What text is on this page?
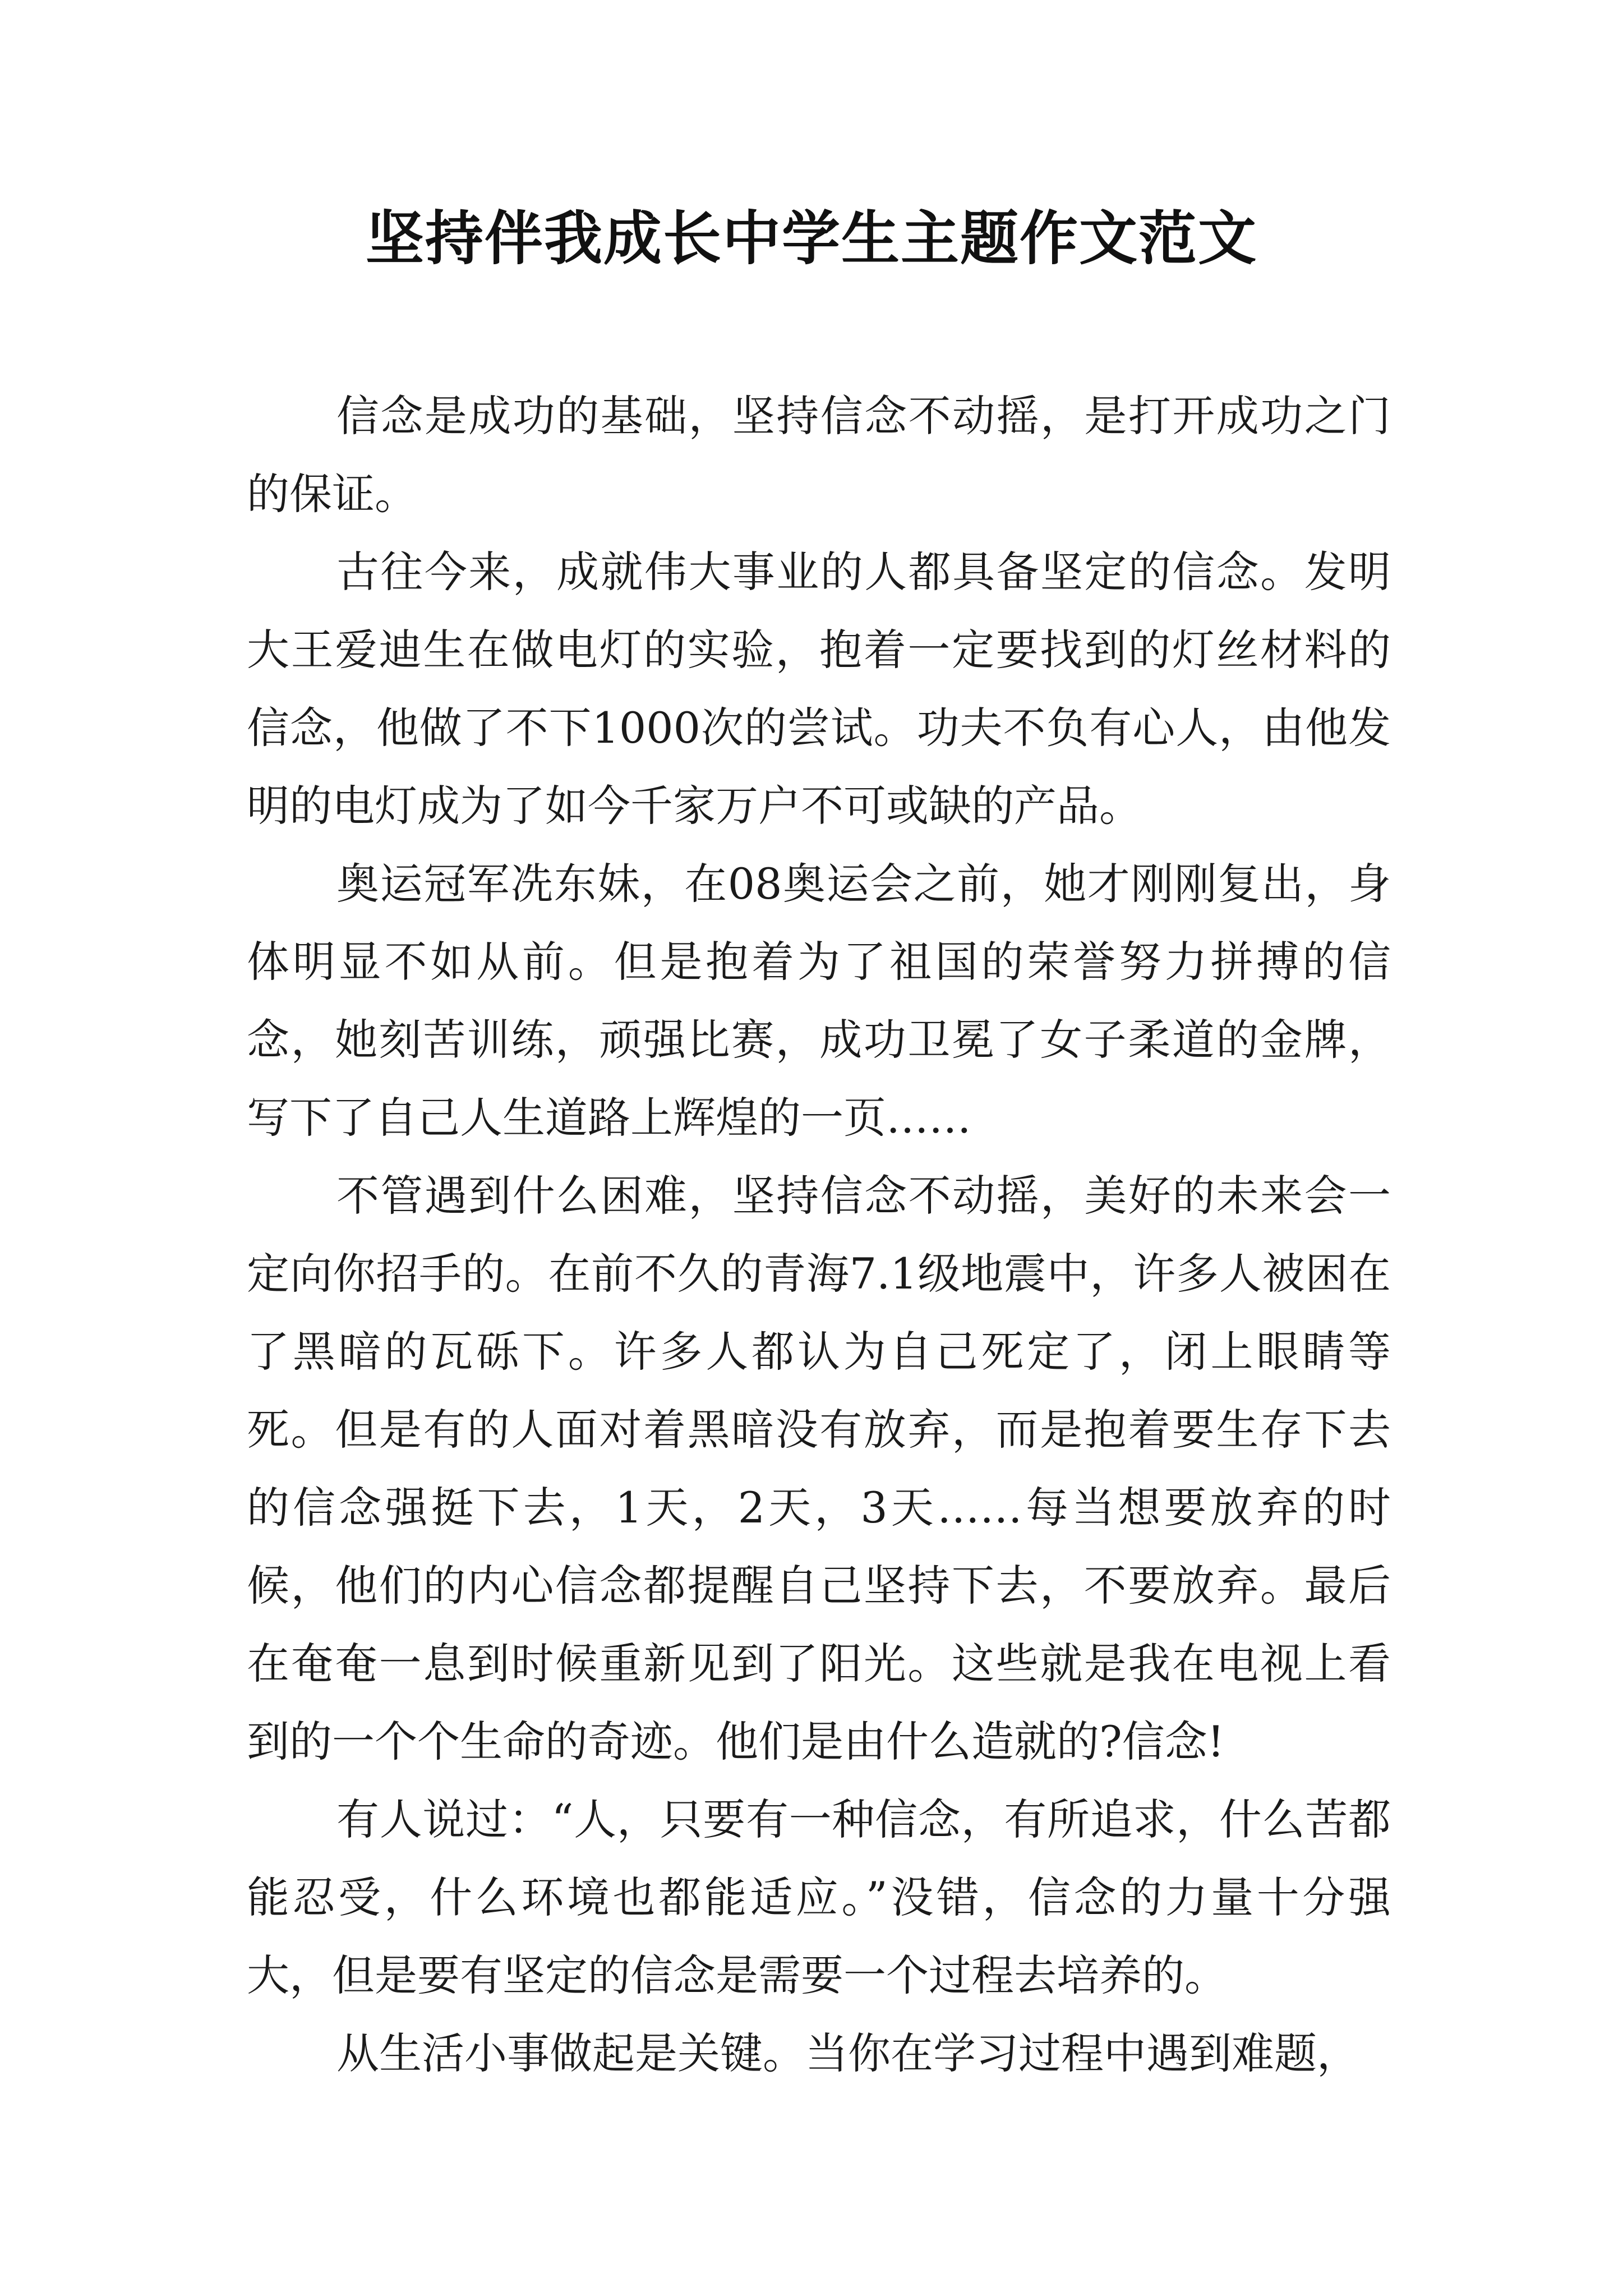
坚持伴我成长中学生主题作文范文

信念是成功的基础，坚持信念不动摇，是打开成功之门的保证。

古往今来，成就伟大事业的人都具备坚定的信念。发明大王爱迪生在做电灯的实验，抱着一定要找到的灯丝材料的信念，他做了不下1000次的尝试。功夫不负有心人，由他发明的电灯成为了如今千家万户不可或缺的产品。

奥运冠军冼东妹，在08奥运会之前，她才刚刚复出，身体明显不如从前。但是抱着为了祖国的荣誉努力拼搏的信念，她刻苦训练，顽强比赛，成功卫冕了女子柔道的金牌，写下了自己人生道路上辉煌的一页……

不管遇到什么困难，坚持信念不动摇，美好的未来会一定向你招手的。在前不久的青海7.1级地震中，许多人被困在了黑暗的瓦砾下。许多人都认为自己死定了，闭上眼睛等死。但是有的人面对着黑暗没有放弃，而是抱着要生存下去的信念强挺下去，1天，2天，3天……每当想要放弃的时候，他们的内心信念都提醒自己坚持下去，不要放弃。最后在奄奄一息到时候重新见到了阳光。这些就是我在电视上看到的一个个生命的奇迹。他们是由什么造就的?信念!

有人说过：“人，只要有一种信念，有所追求，什么苦都能忍受，什么环境也都能适应。”没错，信念的力量十分强大，但是要有坚定的信念是需要一个过程去培养的。

从生活小事做起是关键。当你在学习过程中遇到难题，
